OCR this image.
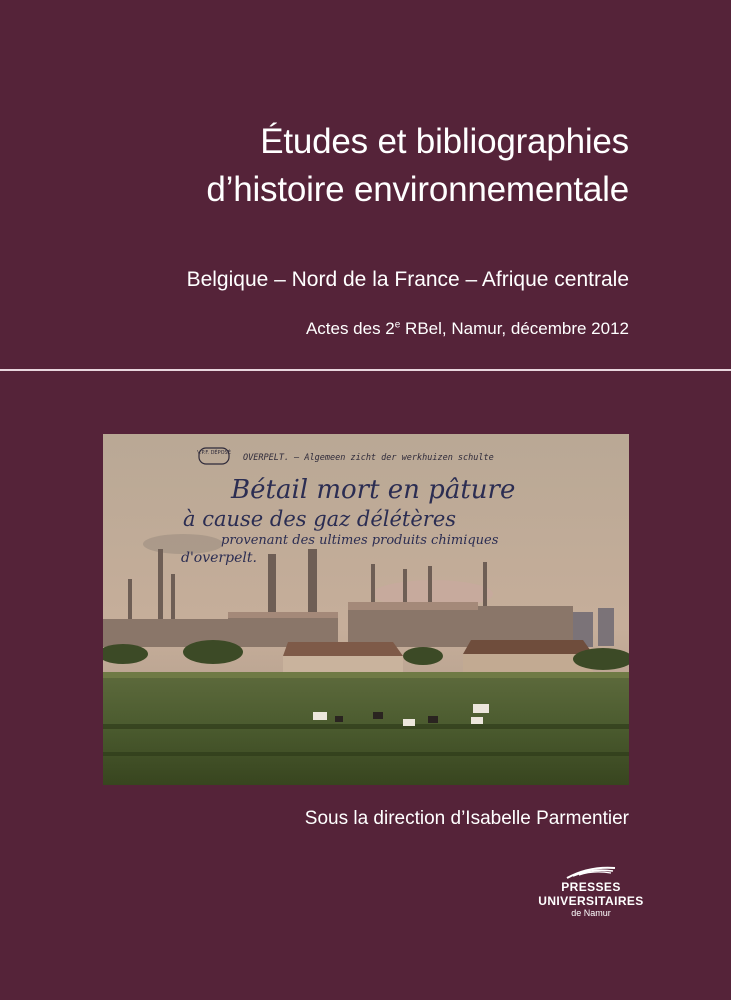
Études et bibliographies
d’histoire environnementale
Belgique – Nord de la France – Afrique centrale
Actes des 2e RBel, Namur, décembre 2012
V.P.F. DÉPOSÉ OVERPELT. — Algemeen zicht der werkhuizen schulte
Bétail mort en pâture
à cause des gaz délétères
provenant des ultimes produits chimiques
d'overpelt.
Sous la direction d’Isabelle Parmentier
PRESSES
UNIVERSITAIRES
de Namur
